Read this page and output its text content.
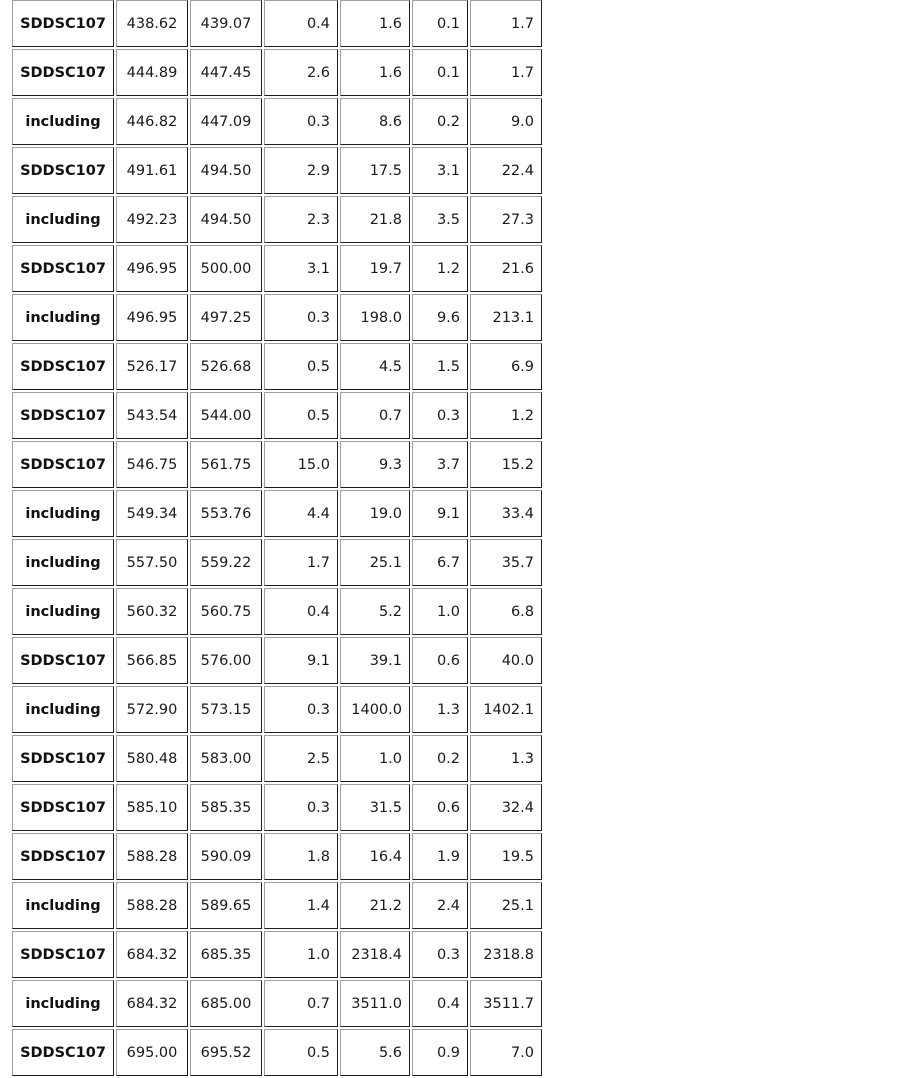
SDDSC107	438.62	439.07	0.4	1.6	0.1	1.7
SDDSC107	444.89	447.45	2.6	1.6	0.1	1.7
including	446.82	447.09	0.3	8.6	0.2	9.0
SDDSC107	491.61	494.50	2.9	17.5	3.1	22.4
including	492.23	494.50	2.3	21.8	3.5	27.3
SDDSC107	496.95	500.00	3.1	19.7	1.2	21.6
including	496.95	497.25	0.3	198.0	9.6	213.1
SDDSC107	526.17	526.68	0.5	4.5	1.5	6.9
SDDSC107	543.54	544.00	0.5	0.7	0.3	1.2
SDDSC107	546.75	561.75	15.0	9.3	3.7	15.2
including	549.34	553.76	4.4	19.0	9.1	33.4
including	557.50	559.22	1.7	25.1	6.7	35.7
including	560.32	560.75	0.4	5.2	1.0	6.8
SDDSC107	566.85	576.00	9.1	39.1	0.6	40.0
including	572.90	573.15	0.3	1400.0	1.3	1402.1
SDDSC107	580.48	583.00	2.5	1.0	0.2	1.3
SDDSC107	585.10	585.35	0.3	31.5	0.6	32.4
SDDSC107	588.28	590.09	1.8	16.4	1.9	19.5
including	588.28	589.65	1.4	21.2	2.4	25.1
SDDSC107	684.32	685.35	1.0	2318.4	0.3	2318.8
including	684.32	685.00	0.7	3511.0	0.4	3511.7
SDDSC107	695.00	695.52	0.5	5.6	0.9	7.0
